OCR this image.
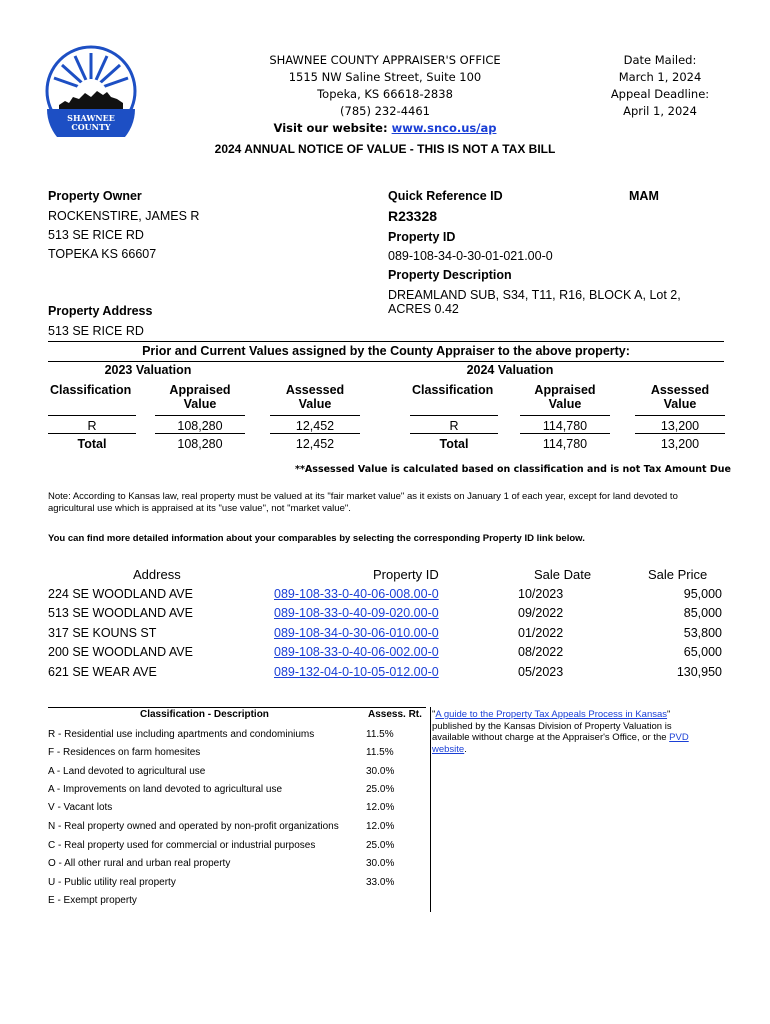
SHAWNEE
COUNTY
SHAWNEE COUNTY APPRAISER'S OFFICE
1515 NW Saline Street, Suite 100
Topeka, KS 66618-2838
(785) 232-4461
Visit our website: www.snco.us/ap
Date Mailed:
March 1, 2024
Appeal Deadline:
April 1, 2024
2024 ANNUAL NOTICE OF VALUE - THIS IS NOT A TAX BILL
Property Owner
ROCKENSTIRE, JAMES R
513 SE RICE RD
TOPEKA KS 66607
Property Address
513 SE RICE RD
Quick Reference ID	MAM
R23328
Property ID
089-108-34-0-30-01-021.00-0
Property Description
DREAMLAND SUB, S34, T11, R16, BLOCK A, Lot 2,
ACRES 0.42
Prior and Current Values assigned by the County Appraiser to the above property:
2023 Valuation
Classification	Appraised
Value
Assessed
Value
R	108,280	12,452
Total	108,280	12,452
2024 Valuation
Classification	Appraised
Value
Assessed
Value
R	114,780	13,200
Total	114,780	13,200
**Assessed Value is calculated based on classification and is not Tax Amount Due
Note: According to Kansas law, real property must be valued at its "fair market value" as it exists on January 1 of each year, except for land devoted to
agricultural use which is appraised at its "use value", not "market value".
You can find more detailed information about your comparables by selecting the corresponding Property ID link below.
Address	Property ID	Sale Date	Sale Price
224 SE WOODLAND AVE	089-108-33-0-40-06-008.00-0	10/2023	95,000
513 SE WOODLAND AVE	089-108-33-0-40-09-020.00-0	09/2022	85,000
317 SE KOUNS ST	089-108-34-0-30-06-010.00-0	01/2022	53,800
200 SE WOODLAND AVE	089-108-33-0-40-06-002.00-0	08/2022	65,000
621 SE WEAR AVE	089-132-04-0-10-05-012.00-0	05/2023	130,950
Classification - Description	Assess. Rt.
R - Residential use including apartments and condominiums	11.5%
F - Residences on farm homesites	11.5%
A - Land devoted to agricultural use	30.0%
A - Improvements on land devoted to agricultural use	25.0%
V - Vacant lots	12.0%
N - Real property owned and operated by non-profit organizations	12.0%
C - Real property used for commercial or industrial purposes	25.0%
O - All other rural and urban real property	30.0%
U - Public utility real property	33.0%
E - Exempt property
"A guide to the Property Tax Appeals Process in Kansas"
published by the Kansas Division of Property Valuation is
available without charge at the Appraiser's Office, or the PVD
website.
